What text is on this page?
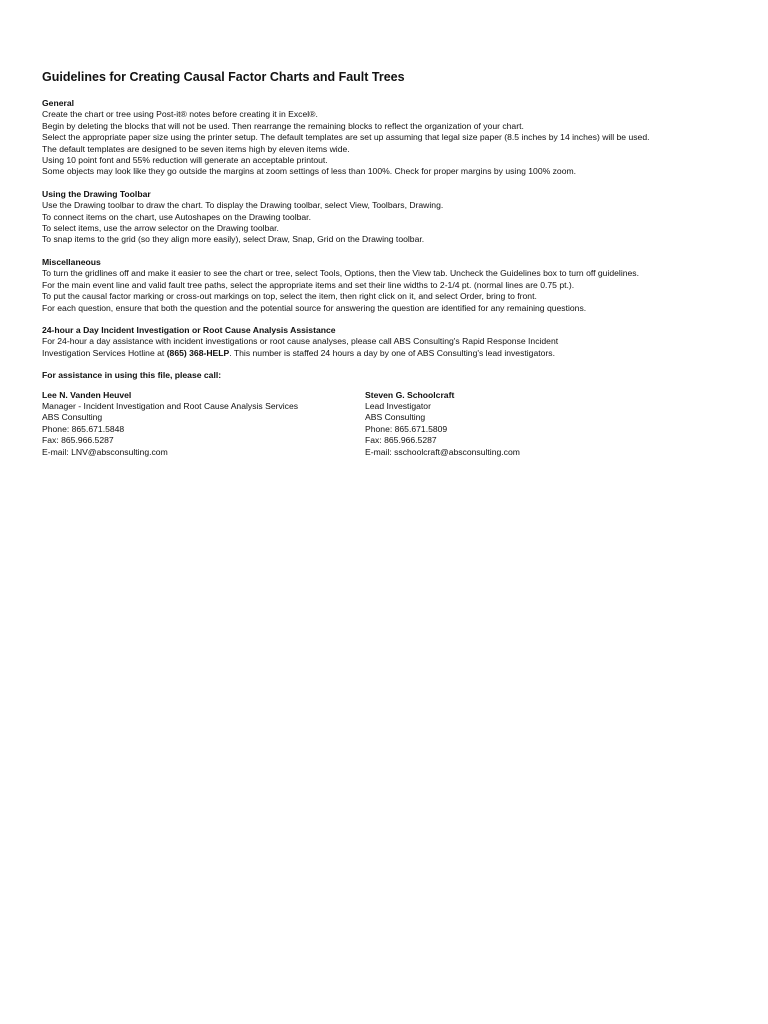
Guidelines for Creating Causal Factor Charts and Fault Trees
General
Create the chart or tree using Post-it® notes before creating it in Excel®.
Begin by deleting the blocks that will not be used. Then rearrange the remaining blocks to reflect the organization of your chart.
Select the appropriate paper size using the printer setup. The default templates are set up assuming that legal size paper (8.5 inches by 14 inches) will be used.
The default templates are designed to be seven items high by eleven items wide.
Using 10 point font and 55% reduction will generate an acceptable printout.
Some objects may look like they go outside the margins at zoom settings of less than 100%. Check for proper margins by using 100% zoom.
Using the Drawing Toolbar
Use the Drawing toolbar to draw the chart. To display the Drawing toolbar, select View, Toolbars, Drawing.
To connect items on the chart, use Autoshapes on the Drawing toolbar.
To select items, use the arrow selector on the Drawing toolbar.
To snap items to the grid (so they align more easily), select Draw, Snap, Grid on the Drawing toolbar.
Miscellaneous
To turn the gridlines off and make it easier to see the chart or tree, select Tools, Options, then the View tab. Uncheck the Guidelines box to turn off guidelines.
For the main event line and valid fault tree paths, select the appropriate items and set their line widths to 2-1/4 pt. (normal lines are 0.75 pt.).
To put the causal factor marking or cross-out markings on top, select the item, then right click on it, and select Order, bring to front.
For each question, ensure that both the question and the potential source for answering the question are identified for any remaining questions.
24-hour a Day Incident Investigation or Root Cause Analysis Assistance
For 24-hour a day assistance with incident investigations or root cause analyses, please call ABS Consulting's Rapid Response Incident
Investigation Services Hotline at (865) 368-HELP. This number is staffed 24 hours a day by one of ABS Consulting's lead investigators.
For assistance in using this file, please call:
Lee N. Vanden Heuvel
Manager - Incident Investigation and Root Cause Analysis Services
ABS Consulting
Phone: 865.671.5848
Fax: 865.966.5287
E-mail: LNV@absconsulting.com
Steven G. Schoolcraft
Lead Investigator
ABS Consulting
Phone: 865.671.5809
Fax: 865.966.5287
E-mail: sschoolcraft@absconsulting.com
